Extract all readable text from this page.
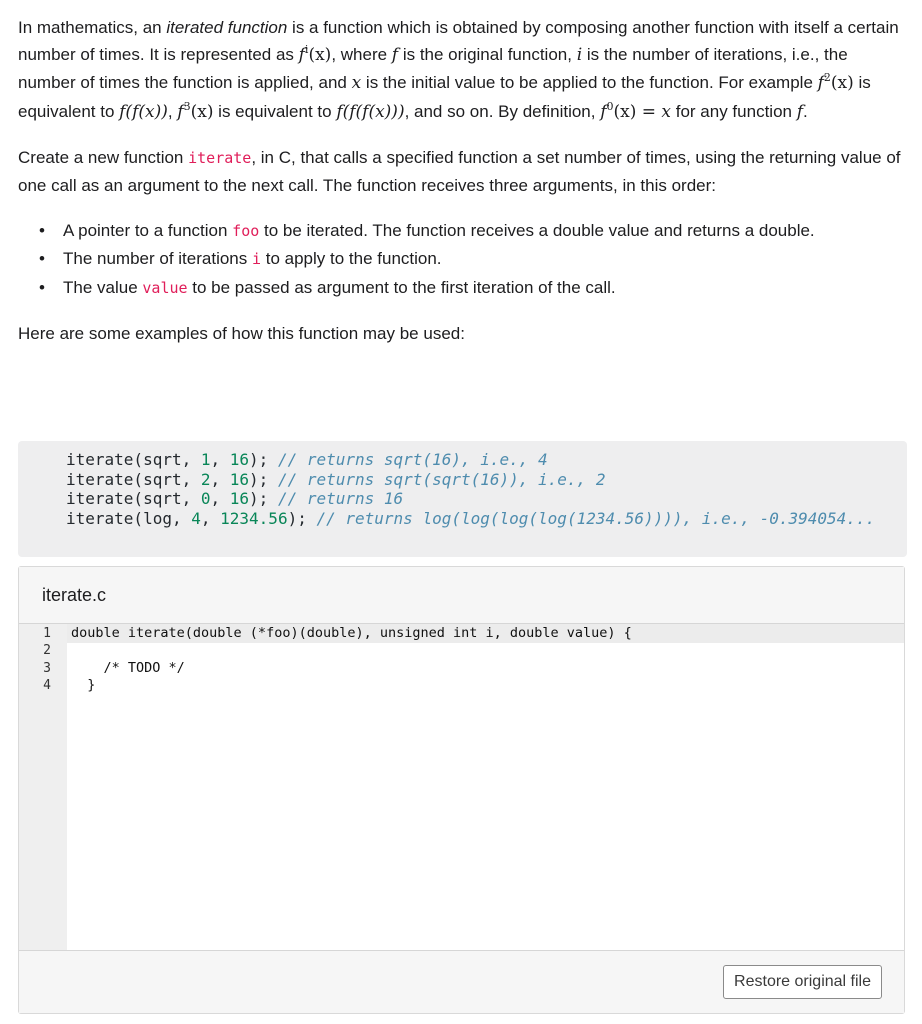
In mathematics, an iterated function is a function which is obtained by composing another function with itself a certain number of times. It is represented as $f^i(x)$, where f is the original function, i is the number of iterations, i.e., the number of times the function is applied, and x is the initial value to be applied to the function. For example $f^2(x)$ is equivalent to f(f(x)), $f^3(x)$ is equivalent to f(f(f(x))), and so on. By definition, $f^0(x) = x$ for any function f.

Create a new function iterate, in C, that calls a specified function a set number of times, using the returning value of one call as an argument to the next call. The function receives three arguments, in this order:

• A pointer to a function foo to be iterated. The function receives a double value and returns a double.
• The number of iterations i to apply to the function.
• The value value to be passed as argument to the first iteration of the call.

Here are some examples of how this function may be used:

iterate(sqrt, 1, 16); // returns sqrt(16), i.e., 4
iterate(sqrt, 2, 16); // returns sqrt(sqrt(16)), i.e., 2
iterate(sqrt, 0, 16); // returns 16
iterate(log, 4, 1234.56); // returns log(log(log(log(1234.56)))), i.e., -0.394054...
iterate.c
1
2
3
4
double iterate(double (*foo)(double), unsigned int i, double value) {
/* TODO */
}
Restore original file
